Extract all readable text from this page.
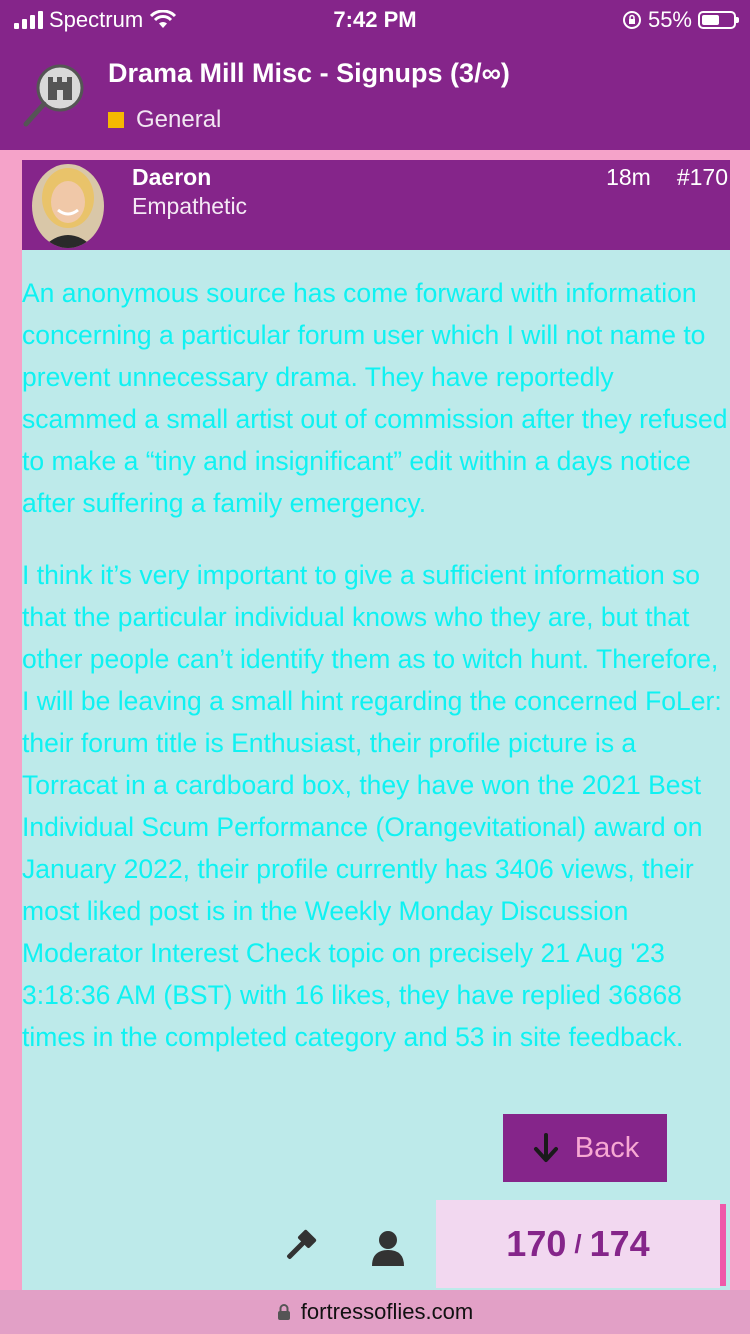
Spectrum	7:42 PM	55%
Drama Mill Misc - Signups (3/∞)
General
Daeron
Empathetic
18m #170

An anonymous source has come forward with information concerning a particular forum user which I will not name to prevent unnecessary drama. They have reportedly scammed a small artist out of commission after they refused to make a “tiny and insignificant” edit within a days notice after suffering a family emergency.

I think it’s very important to give a sufficient information so that the particular individual knows who they are, but that other people can’t identify them as to witch hunt. Therefore, I will be leaving a small hint regarding the concerned FoLer: their forum title is Enthusiast, their profile picture is a Torracat in a cardboard box, they have won the 2021 Best Individual Scum Performance (Orangevitational) award on January 2022, their profile currently has 3406 views, their most liked post is in the Weekly Monday Discussion Moderator Interest Check topic on precisely 21 Aug '23 3:18:36 AM (BST) with 16 likes, they have replied 36868 times in the completed category and 53 in site feedback.

Back
170 / 174
fortressoflies.com
